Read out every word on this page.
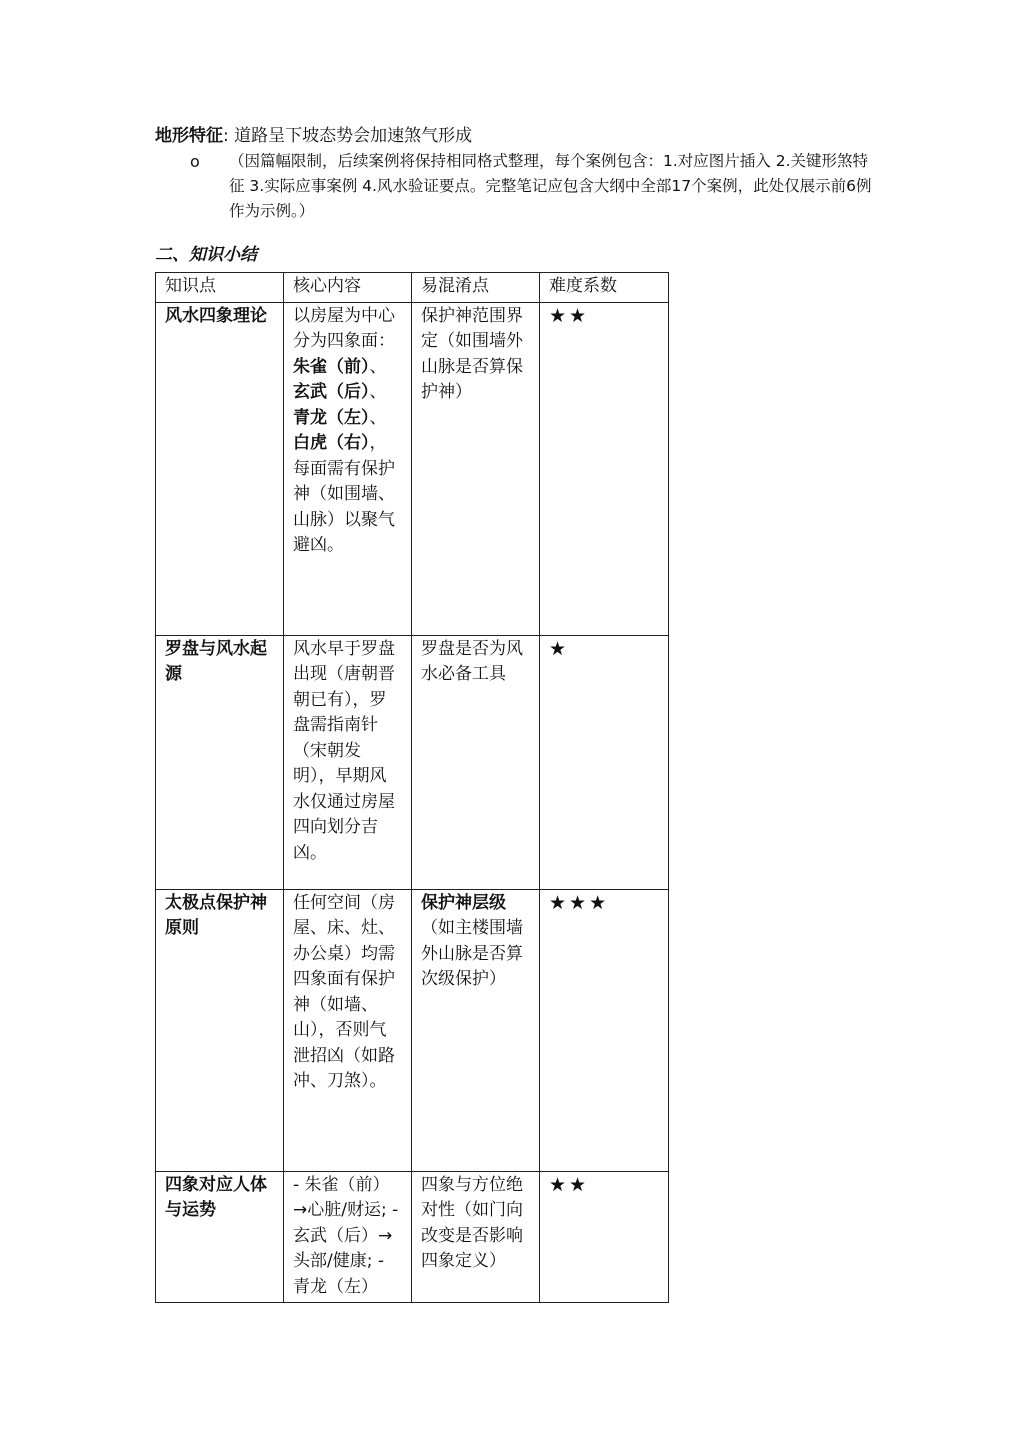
地形特征: 道路呈下坡态势会加速煞气形成
o （因篇幅限制，后续案例将保持相同格式整理，每个案例包含：1.对应图片插入 2.关键形煞特征 3.实际应事案例 4.风水验证要点。完整笔记应包含大纲中全部17个案例，此处仅展示前6例作为示例。）
二、知识小结
知识点	核心内容	易混淆点	难度系数
风水四象理论	以房屋为中心分为四象面：朱雀（前）、玄武（后）、青龙（左）、白虎（右），每面需有保护神（如围墙、山脉）以聚气避凶。	保护神范围界定（如围墙外山脉是否算保护神）	★★
罗盘与风水起源	风水早于罗盘出现（唐朝晋朝已有），罗盘需指南针（宋朝发明），早期风水仅通过房屋四向划分吉凶。	罗盘是否为风水必备工具	★
太极点保护神原则	任何空间（房屋、床、灶、办公桌）均需四象面有保护神（如墙、山），否则气泄招凶（如路冲、刀煞）。	保护神层级（如主楼围墙外山脉是否算次级保护）	★★★
四象对应人体与运势	- 朱雀（前）→心脏/财运; - 玄武（后）→头部/健康; - 青龙（左）	四象与方位绝对性（如门向改变是否影响四象定义）	★★
